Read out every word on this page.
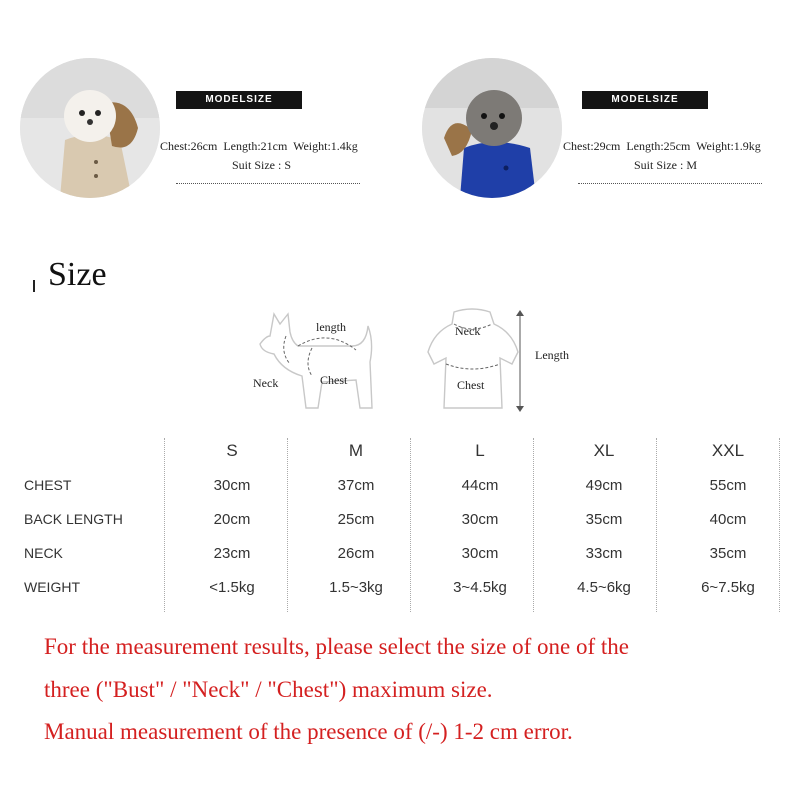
MODELSIZE
Chest:26cm  Length:21cm  Weight:1.4kg
Suit Size : S
MODELSIZE
Chest:29cm  Length:25cm  Weight:1.9kg
Suit Size : M
Size
length
Neck	Chest
Neck
Chest
Length
	S	M	L	XL	XXL
CHEST	30cm	37cm	44cm	49cm	55cm
BACK LENGTH	20cm	25cm	30cm	35cm	40cm
NECK	23cm	26cm	30cm	33cm	35cm
WEIGHT	<1.5kg	1.5~3kg	3~4.5kg	4.5~6kg	6~7.5kg
For the measurement results, please select the size of one of the
three ("Bust" / "Neck" / "Chest") maximum size.
Manual measurement of the presence of (/-) 1-2 cm error.
